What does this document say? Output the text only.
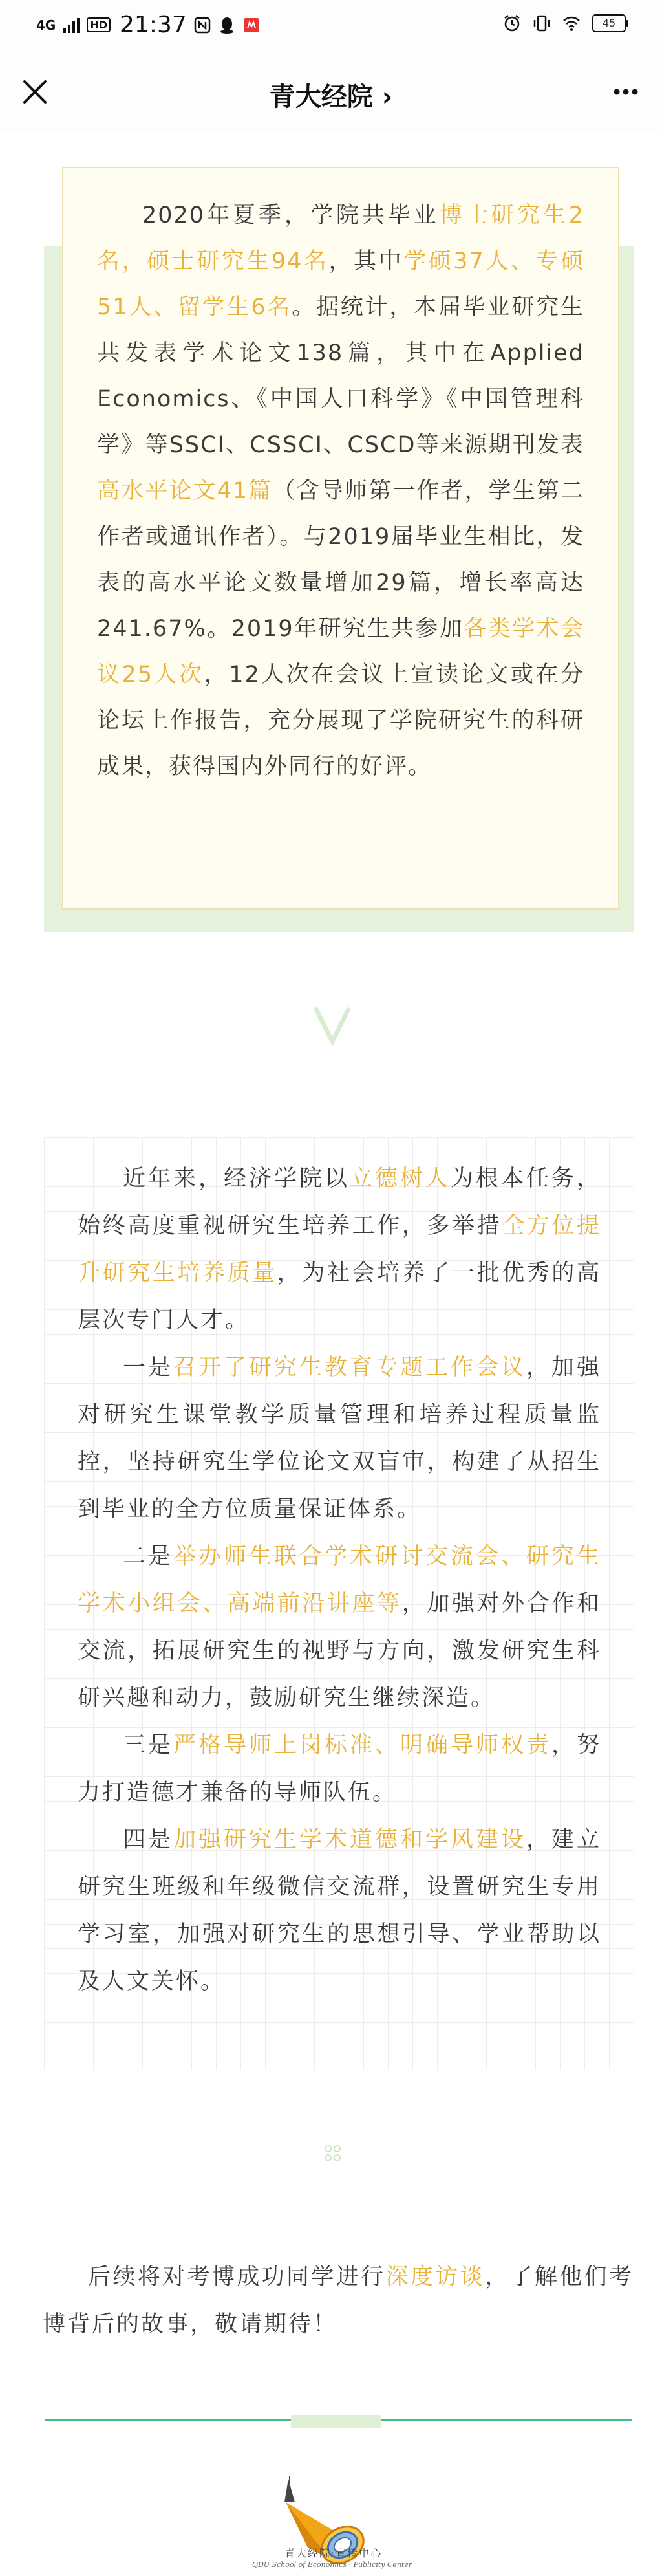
4G	HD 21:37	45
青大经院 ›

2020年夏季，学院共毕业博士研究生2名，硕士研究生94名，其中学硕37人、专硕51人、留学生6名。据统计，本届毕业研究生共发表学术论文138篇，其中在Applied Economics、《中国人口科学》《中国管理科学》等SSCI、CSSCI、CSCD等来源期刊发表高水平论文41篇（含导师第一作者，学生第二作者或通讯作者）。与2019届毕业生相比，发表的高水平论文数量增加29篇，增长率高达241.67%。2019年研究生共参加各类学术会议25人次，12人次在会议上宣读论文或在分论坛上作报告，充分展现了学院研究生的科研成果，获得国内外同行的好评。

近年来，经济学院以立德树人为根本任务，始终高度重视研究生培养工作，多举措全方位提升研究生培养质量，为社会培养了一批优秀的高层次专门人才。

一是召开了研究生教育专题工作会议，加强对研究生课堂教学质量管理和培养过程质量监控，坚持研究生学位论文双盲审，构建了从招生到毕业的全方位质量保证体系。

二是举办师生联合学术研讨交流会、研究生学术小组会、高端前沿讲座等，加强对外合作和交流，拓展研究生的视野与方向，激发研究生科研兴趣和动力，鼓励研究生继续深造。

三是严格导师上岗标准、明确导师权责，努力打造德才兼备的导师队伍。

四是加强研究生学术道德和学风建设，建立研究生班级和年级微信交流群，设置研究生专用学习室，加强对研究生的思想引导、学业帮助以及人文关怀。

后续将对考博成功同学进行深度访谈，了解他们考博背后的故事，敬请期待！

青大经院·宣传中心
QDU School of Economics · Publicity Center
